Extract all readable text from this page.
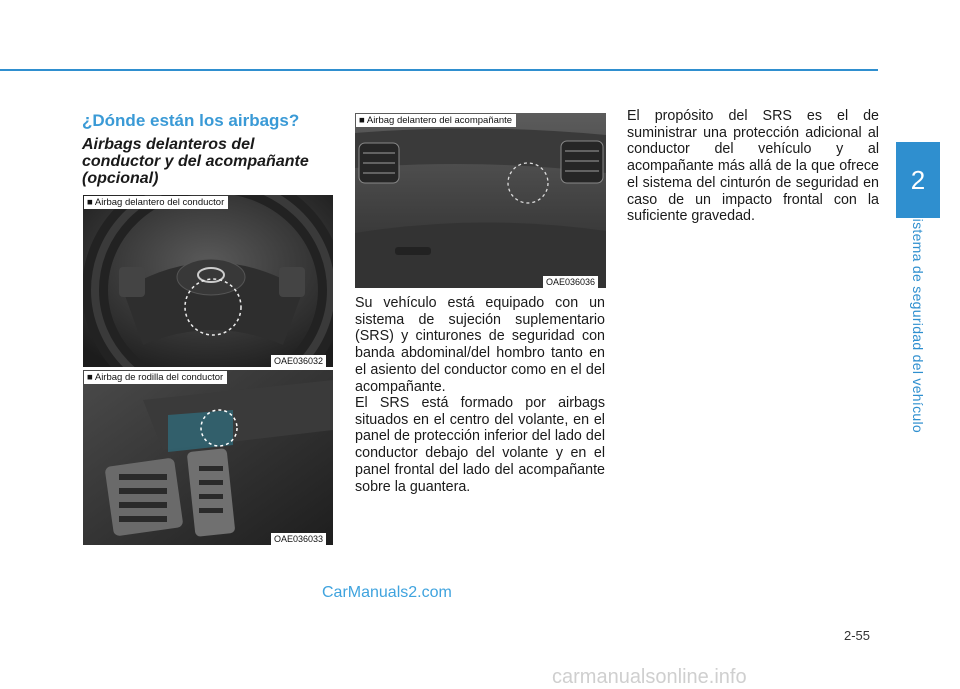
2
Sistema de seguridad del vehículo
¿Dónde están los airbags?
Airbags delanteros del conductor y del acompañante (opcional)
■ Airbag delantero del conductor
OAE036032
■ Airbag de rodilla del conductor
OAE036033
■ Airbag delantero del acompañante
OAE036036

Su vehículo está equipado con un sistema de sujeción suplementario (SRS) y cinturones de seguridad con banda abdominal/del hombro tanto en el asiento del conductor como en el del acompañante.

El SRS está formado por airbags situados en el centro del volante, en el panel de protección inferior del lado del conductor debajo del volante y en el panel frontal del lado del acompañante sobre la guantera.

El propósito del SRS es el de suministrar una protección adicional al conductor del vehículo y al acompañante más allá de la que ofrece el sistema del cinturón de seguridad en caso de un impacto frontal con la suficiente gravedad.

2-55
CarManuals2.com
carmanualsonline.info
